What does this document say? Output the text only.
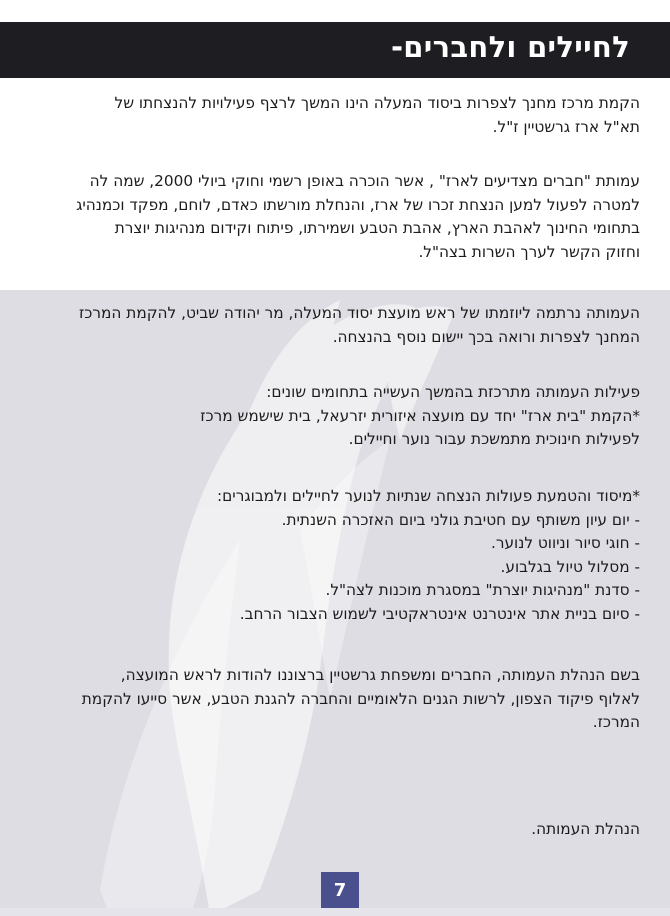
לחיילים ולחברים-
הקמת מרכז מחנך לצפרות ביסוד המעלה הינו המשך לרצף פעילויות להנצחתו של
תא"ל ארז גרשטיין ז"ל.
עמותת "חברים מצדיעים לארז" , אשר הוכרה באופן רשמי וחוקי ביולי 2000, שמה לה
למטרה לפעול למען הנצחת זכרו של ארז, והנחלת מורשתו כאדם, לוחם, מפקד וכמנהיג
בתחומי החינוך לאהבת הארץ, אהבת הטבע ושמירתו, פיתוח וקידום מנהיגות יוצרת
וחזוק הקשר לערך השרות בצה"ל.
העמותה נרתמה ליוזמתו של ראש מועצת יסוד המעלה, מר יהודה שביט, להקמת המרכז
המחנך לצפרות ורואה בכך יישום נוסף בהנצחה.
פעילות העמותה מתרכזת בהמשך העשייה בתחומים שונים:
*הקמת "בית ארז" יחד עם מועצה איזורית יזרעאל, בית שישמש מרכז
לפעילות חינוכית מתמשכת עבור נוער וחיילים.
*מיסוד והטמעת פעולות הנצחה שנתיות לנוער לחיילים ולמבוגרים:
- יום עיון משותף עם חטיבת גולני ביום האזכרה השנתית.
- חוגי סיור וניווט לנוער.
- מסלול טיול בגלבוע.
- סדנת "מנהיגות יוצרת" במסגרת מוכנות לצה"ל.
- סיום בניית אתר אינטרנט אינטראקטיבי לשמוש הצבור הרחב.
בשם הנהלת העמותה, החברים ומשפחת גרשטיין ברצוננו להודות לראש המועצה,
לאלוף פיקוד הצפון, לרשות הגנים הלאומיים והחברה להגנת הטבע, אשר סייעו להקמת
המרכז.
הנהלת העמותה.
7
